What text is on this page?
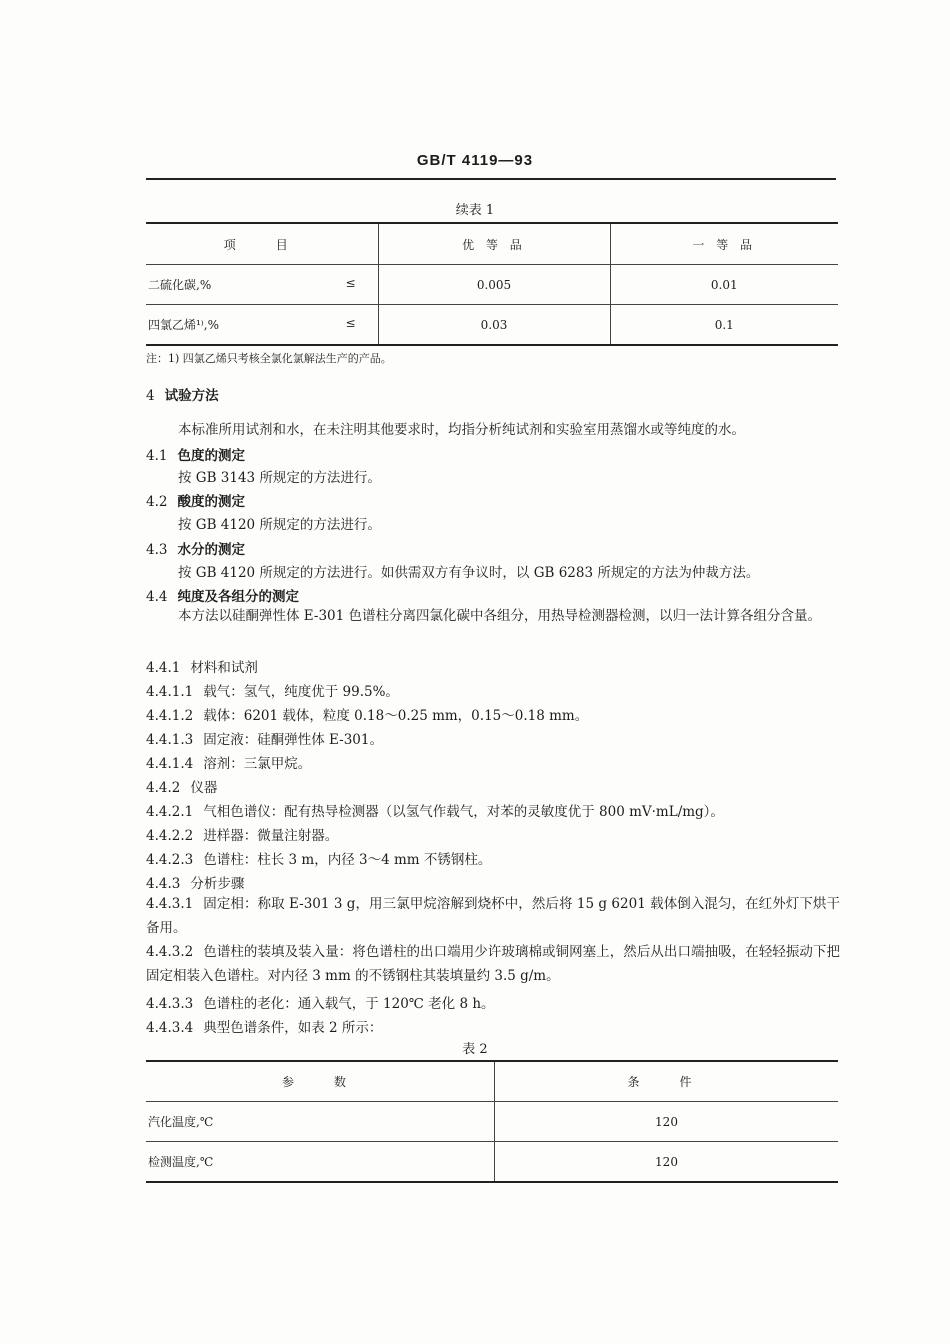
GB/T 4119—93
续表 1
项　目	优 等 品	一 等 品

二硫化碳,% ≤	0.005	0.01

四氯乙烯¹⁾,% ≤	0.03	0.1
注：1) 四氯乙烯只考核全氯化氯解法生产的产品。
4 试验方法
本标准所用试剂和水，在未注明其他要求时，均指分析纯试剂和实验室用蒸馏水或等纯度的水。
4.1 色度的测定
按 GB 3143 所规定的方法进行。
4.2 酸度的测定
按 GB 4120 所规定的方法进行。
4.3 水分的测定
按 GB 4120 所规定的方法进行。如供需双方有争议时，以 GB 6283 所规定的方法为仲裁方法。
4.4 纯度及各组分的测定
本方法以硅酮弹性体 E-301 色谱柱分离四氯化碳中各组分，用热导检测器检测，以归一法计算各组分含量。
4.4.1 材料和试剂
4.4.1.1 载气：氢气，纯度优于 99.5%。
4.4.1.2 载体：6201 载体，粒度 0.18～0.25 mm，0.15～0.18 mm。
4.4.1.3 固定液：硅酮弹性体 E-301。
4.4.1.4 溶剂：三氯甲烷。
4.4.2 仪器
4.4.2.1 气相色谱仪：配有热导检测器（以氢气作载气，对苯的灵敏度优于 800 mV·mL/mg）。
4.4.2.2 进样器：微量注射器。
4.4.2.3 色谱柱：柱长 3 m，内径 3～4 mm 不锈钢柱。
4.4.3 分析步骤
4.4.3.1 固定相：称取 E-301 3 g，用三氯甲烷溶解到烧杯中，然后将 15 g 6201 载体倒入混匀，在红外灯下烘干备用。
4.4.3.2 色谱柱的装填及装入量：将色谱柱的出口端用少许玻璃棉或铜网塞上，然后从出口端抽吸，在轻轻振动下把固定相装入色谱柱。对内径 3 mm 的不锈钢柱其装填量约 3.5 g/m。
4.4.3.3 色谱柱的老化：通入载气，于 120℃ 老化 8 h。
4.4.3.4 典型色谱条件，如表 2 所示：
表 2
参　数	条　件

汽化温度,℃	120
检测温度,℃	120
